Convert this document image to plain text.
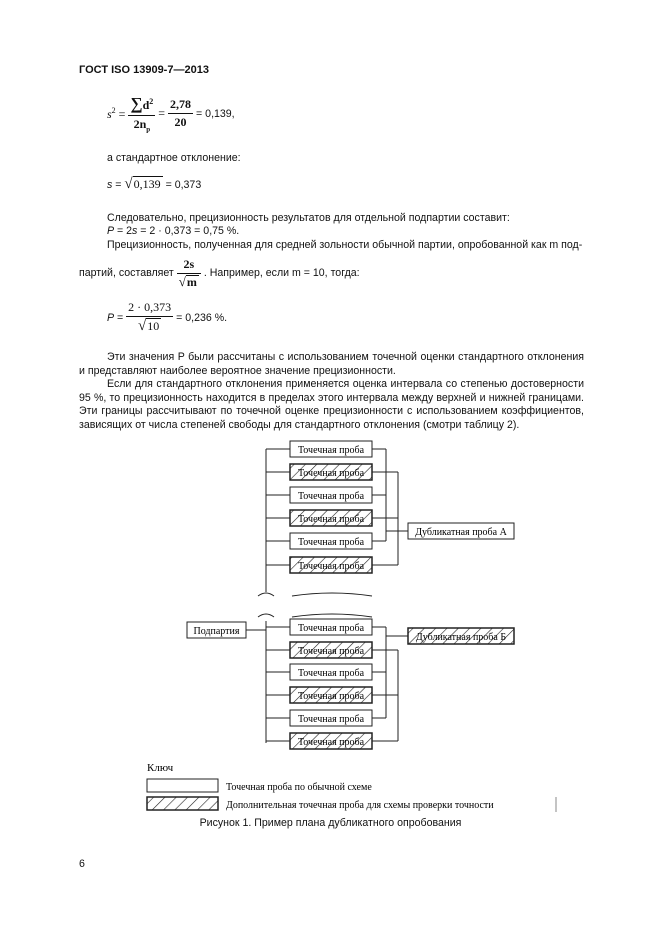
ГОСТ ISO 13909-7—2013
$s^2 = \frac{\sum d^2}{2n_p} = \frac{2,78}{20} = 0,139$,
а стандартное отклонение:
s = √0,139 = 0,373
Следовательно, прецизионность результатов для отдельной подпартии составит:
P = 2s = 2 · 0,373 = 0,75 %.
Прецизионность, полученная для средней зольности обычной партии, опробованной как m под-
партий, составляет $\frac{2s}{√m}$ . Например, если m = 10, тогда:
$P = \frac{2 \cdot 0,373}{√10} = 0,236$ %.

Эти значения P были рассчитаны с использованием точечной оценки стандартного отклонения и представляют наиболее вероятное значение прецизионности.

Если для стандартного отклонения применяется оценка интервала со степенью достоверности 95 %, то прецизионность находится в пределах этого интервала между верхней и нижней границами. Эти границы рассчитывают по точечной оценке прецизионности с использованием коэффициентов, зависящих от числа степеней свободы для стандартного отклонения (смотри таблицу 2).

Подпартия
Точечная проба
Точечная проба
Точечная проба
Точечная проба
Точечная проба
Точечная проба
Точечная проба
Точечная проба
Точечная проба
Точечная проба
Точечная проба
Точечная проба
Дубликатная проба А
Дубликатная проба Б
Ключ
Точечная проба по обычной схеме
Дополнительная точечная проба для схемы проверки точности
Рисунок 1. Пример плана дубликатного опробования
6
